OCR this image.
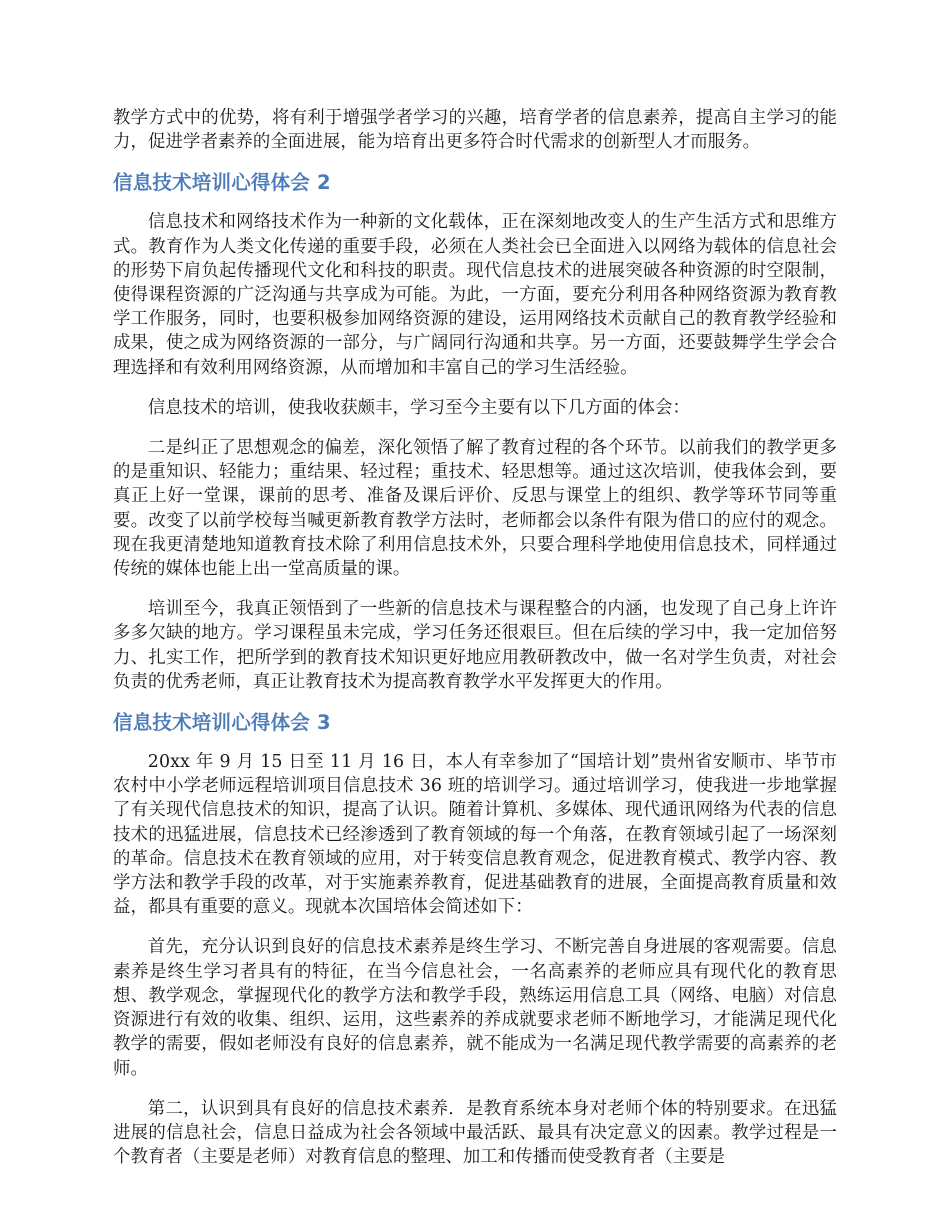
教学方式中的优势，将有利于增强学者学习的兴趣，培育学者的信息素养，提高自主学习的能力，促进学者素养的全面进展，能为培育出更多符合时代需求的创新型人才而服务。

信息技术培训心得体会 2

信息技术和网络技术作为一种新的文化载体，正在深刻地改变人的生产生活方式和思维方式。教育作为人类文化传递的重要手段，必须在人类社会已全面进入以网络为载体的信息社会的形势下肩负起传播现代文化和科技的职责。现代信息技术的进展突破各种资源的时空限制，使得课程资源的广泛沟通与共享成为可能。为此，一方面，要充分利用各种网络资源为教育教学工作服务，同时，也要积极参加网络资源的建设，运用网络技术贡献自己的教育教学经验和成果，使之成为网络资源的一部分，与广阔同行沟通和共享。另一方面，还要鼓舞学生学会合理选择和有效利用网络资源，从而增加和丰富自己的学习生活经验。

信息技术的培训，使我收获颇丰，学习至今主要有以下几方面的体会：

二是纠正了思想观念的偏差，深化领悟了解了教育过程的各个环节。以前我们的教学更多的是重知识、轻能力；重结果、轻过程；重技术、轻思想等。通过这次培训，使我体会到，要真正上好一堂课，课前的思考、准备及课后评价、反思与课堂上的组织、教学等环节同等重要。改变了以前学校每当喊更新教育教学方法时，老师都会以条件有限为借口的应付的观念。现在我更清楚地知道教育技术除了利用信息技术外，只要合理科学地使用信息技术，同样通过传统的媒体也能上出一堂高质量的课。

培训至今，我真正领悟到了一些新的信息技术与课程整合的内涵，也发现了自己身上许许多多欠缺的地方。学习课程虽未完成，学习任务还很艰巨。但在后续的学习中，我一定加倍努力、扎实工作，把所学到的教育技术知识更好地应用教研教改中，做一名对学生负责，对社会负责的优秀老师，真正让教育技术为提高教育教学水平发挥更大的作用。

信息技术培训心得体会 3

20xx 年 9 月 15 日至 11 月 16 日，本人有幸参加了“国培计划”贵州省安顺市、毕节市农村中小学老师远程培训项目信息技术 36 班的培训学习。通过培训学习，使我进一步地掌握了有关现代信息技术的知识，提高了认识。随着计算机、多媒体、现代通讯网络为代表的信息技术的迅猛进展，信息技术已经渗透到了教育领域的每一个角落，在教育领域引起了一场深刻的革命。信息技术在教育领域的应用，对于转变信息教育观念，促进教育模式、教学内容、教学方法和教学手段的改革，对于实施素养教育，促进基础教育的进展，全面提高教育质量和效益，都具有重要的意义。现就本次国培体会简述如下：

首先，充分认识到良好的信息技术素养是终生学习、不断完善自身进展的客观需要。信息素养是终生学习者具有的特征，在当今信息社会，一名高素养的老师应具有现代化的教育思想、教学观念，掌握现代化的教学方法和教学手段，熟练运用信息工具（网络、电脑）对信息资源进行有效的收集、组织、运用，这些素养的养成就要求老师不断地学习，才能满足现代化教学的需要，假如老师没有良好的信息素养，就不能成为一名满足现代教学需要的高素养的老师。

第二，认识到具有良好的信息技术素养．是教育系统本身对老师个体的特别要求。在迅猛进展的信息社会，信息日益成为社会各领域中最活跃、最具有决定意义的因素。教学过程是一个教育者（主要是老师）对教育信息的整理、加工和传播而使受教育者（主要是
